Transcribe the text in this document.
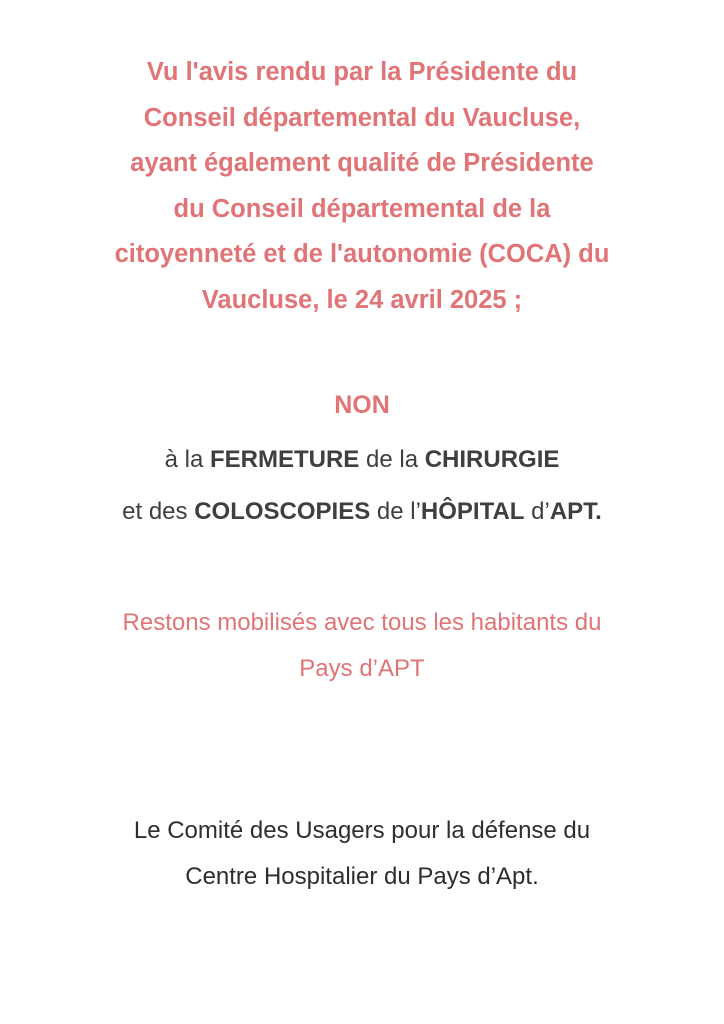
Vu l'avis rendu par la Présidente du
Conseil départemental du Vaucluse,
ayant également qualité de Présidente
du Conseil départemental de la
citoyenneté et de l'autonomie (COCA) du
Vaucluse, le 24 avril 2025 ;
NON
à la FERMETURE de la CHIRURGIE
et des COLOSCOPIES de l’HÔPITAL d’APT.
Restons mobilisés avec tous les habitants du
Pays d’APT
Le Comité des Usagers pour la défense du
Centre Hospitalier du Pays d’Apt.
